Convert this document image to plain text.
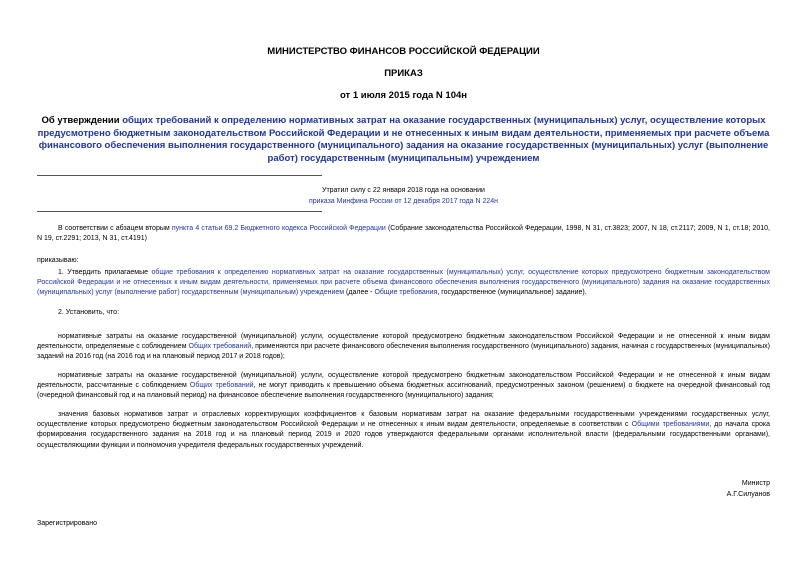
МИНИСТЕРСТВО ФИНАНСОВ РОССИЙСКОЙ ФЕДЕРАЦИИ
ПРИКАЗ
от 1 июля 2015 года N 104н
Об утверждении общих требований к определению нормативных затрат на оказание государственных (муниципальных) услуг, осуществление которых предусмотрено бюджетным законодательством Российской Федерации и не отнесенных к иным видам деятельности, применяемых при расчете объема финансового обеспечения выполнения государственного (муниципального) задания на оказание государственных (муниципальных) услуг (выполнение работ) государственным (муниципальным) учреждением
Утратил силу с 22 января 2018 года на основании
приказа Минфина России от 12 декабря 2017 года N 224н
В соответствии с абзацем вторым пункта 4 статьи 69.2 Бюджетного кодекса Российской Федерации (Собрание законодательства Российской Федерации, 1998, N 31, ст.3823; 2007, N 18, ст.2117; 2009, N 1, ст.18; 2010, N 19, ст.2291; 2013, N 31, ст.4191)
приказываю:
1. Утвердить прилагаемые общие требования к определению нормативных затрат на оказание государственных (муниципальных) услуг, осуществление которых предусмотрено бюджетным законодательством Российской Федерации и не отнесенных к иным видам деятельности, применяемых при расчете объема финансового обеспечения выполнения государственного (муниципального) задания на оказание государственных (муниципальных) услуг (выполнение работ) государственным (муниципальным) учреждением (далее - Общие требования, государственное (муниципальное) задание).
2. Установить, что:
нормативные затраты на оказание государственной (муниципальной) услуги, осуществление которой предусмотрено бюджетным законодательством Российской Федерации и не отнесенной к иным видам деятельности, определяемые с соблюдением Общих требований, применяются при расчете финансового обеспечения выполнения государственного (муниципального) задания, начиная с государственных (муниципальных) заданий на 2016 год (на 2016 год и на плановый период 2017 и 2018 годов);
нормативные затраты на оказание государственной (муниципальной) услуги, осуществление которой предусмотрено бюджетным законодательством Российской Федерации и не отнесенной к иным видам деятельности, рассчитанные с соблюдением Общих требований, не могут приводить к превышению объема бюджетных ассигнований, предусмотренных законом (решением) о бюджете на очередной финансовый год (очередной финансовый год и на плановый период) на финансовое обеспечение выполнения государственного (муниципального) задания;
значения базовых нормативов затрат и отраслевых корректирующих коэффициентов к базовым нормативам затрат на оказание федеральными государственными учреждениями государственных услуг, осуществление которых предусмотрено бюджетным законодательством Российской Федерации и не отнесенных к иным видам деятельности, определяемые в соответствии с Общими требованиями, до начала срока формирования государственного задания на 2018 год и на плановый период 2019 и 2020 годов утверждаются федеральными органами исполнительной власти (федеральными государственными органами), осуществляющими функции и полномочия учредителя федеральных государственных учреждений.
Министр
А.Г.Силуанов
Зарегистрировано
